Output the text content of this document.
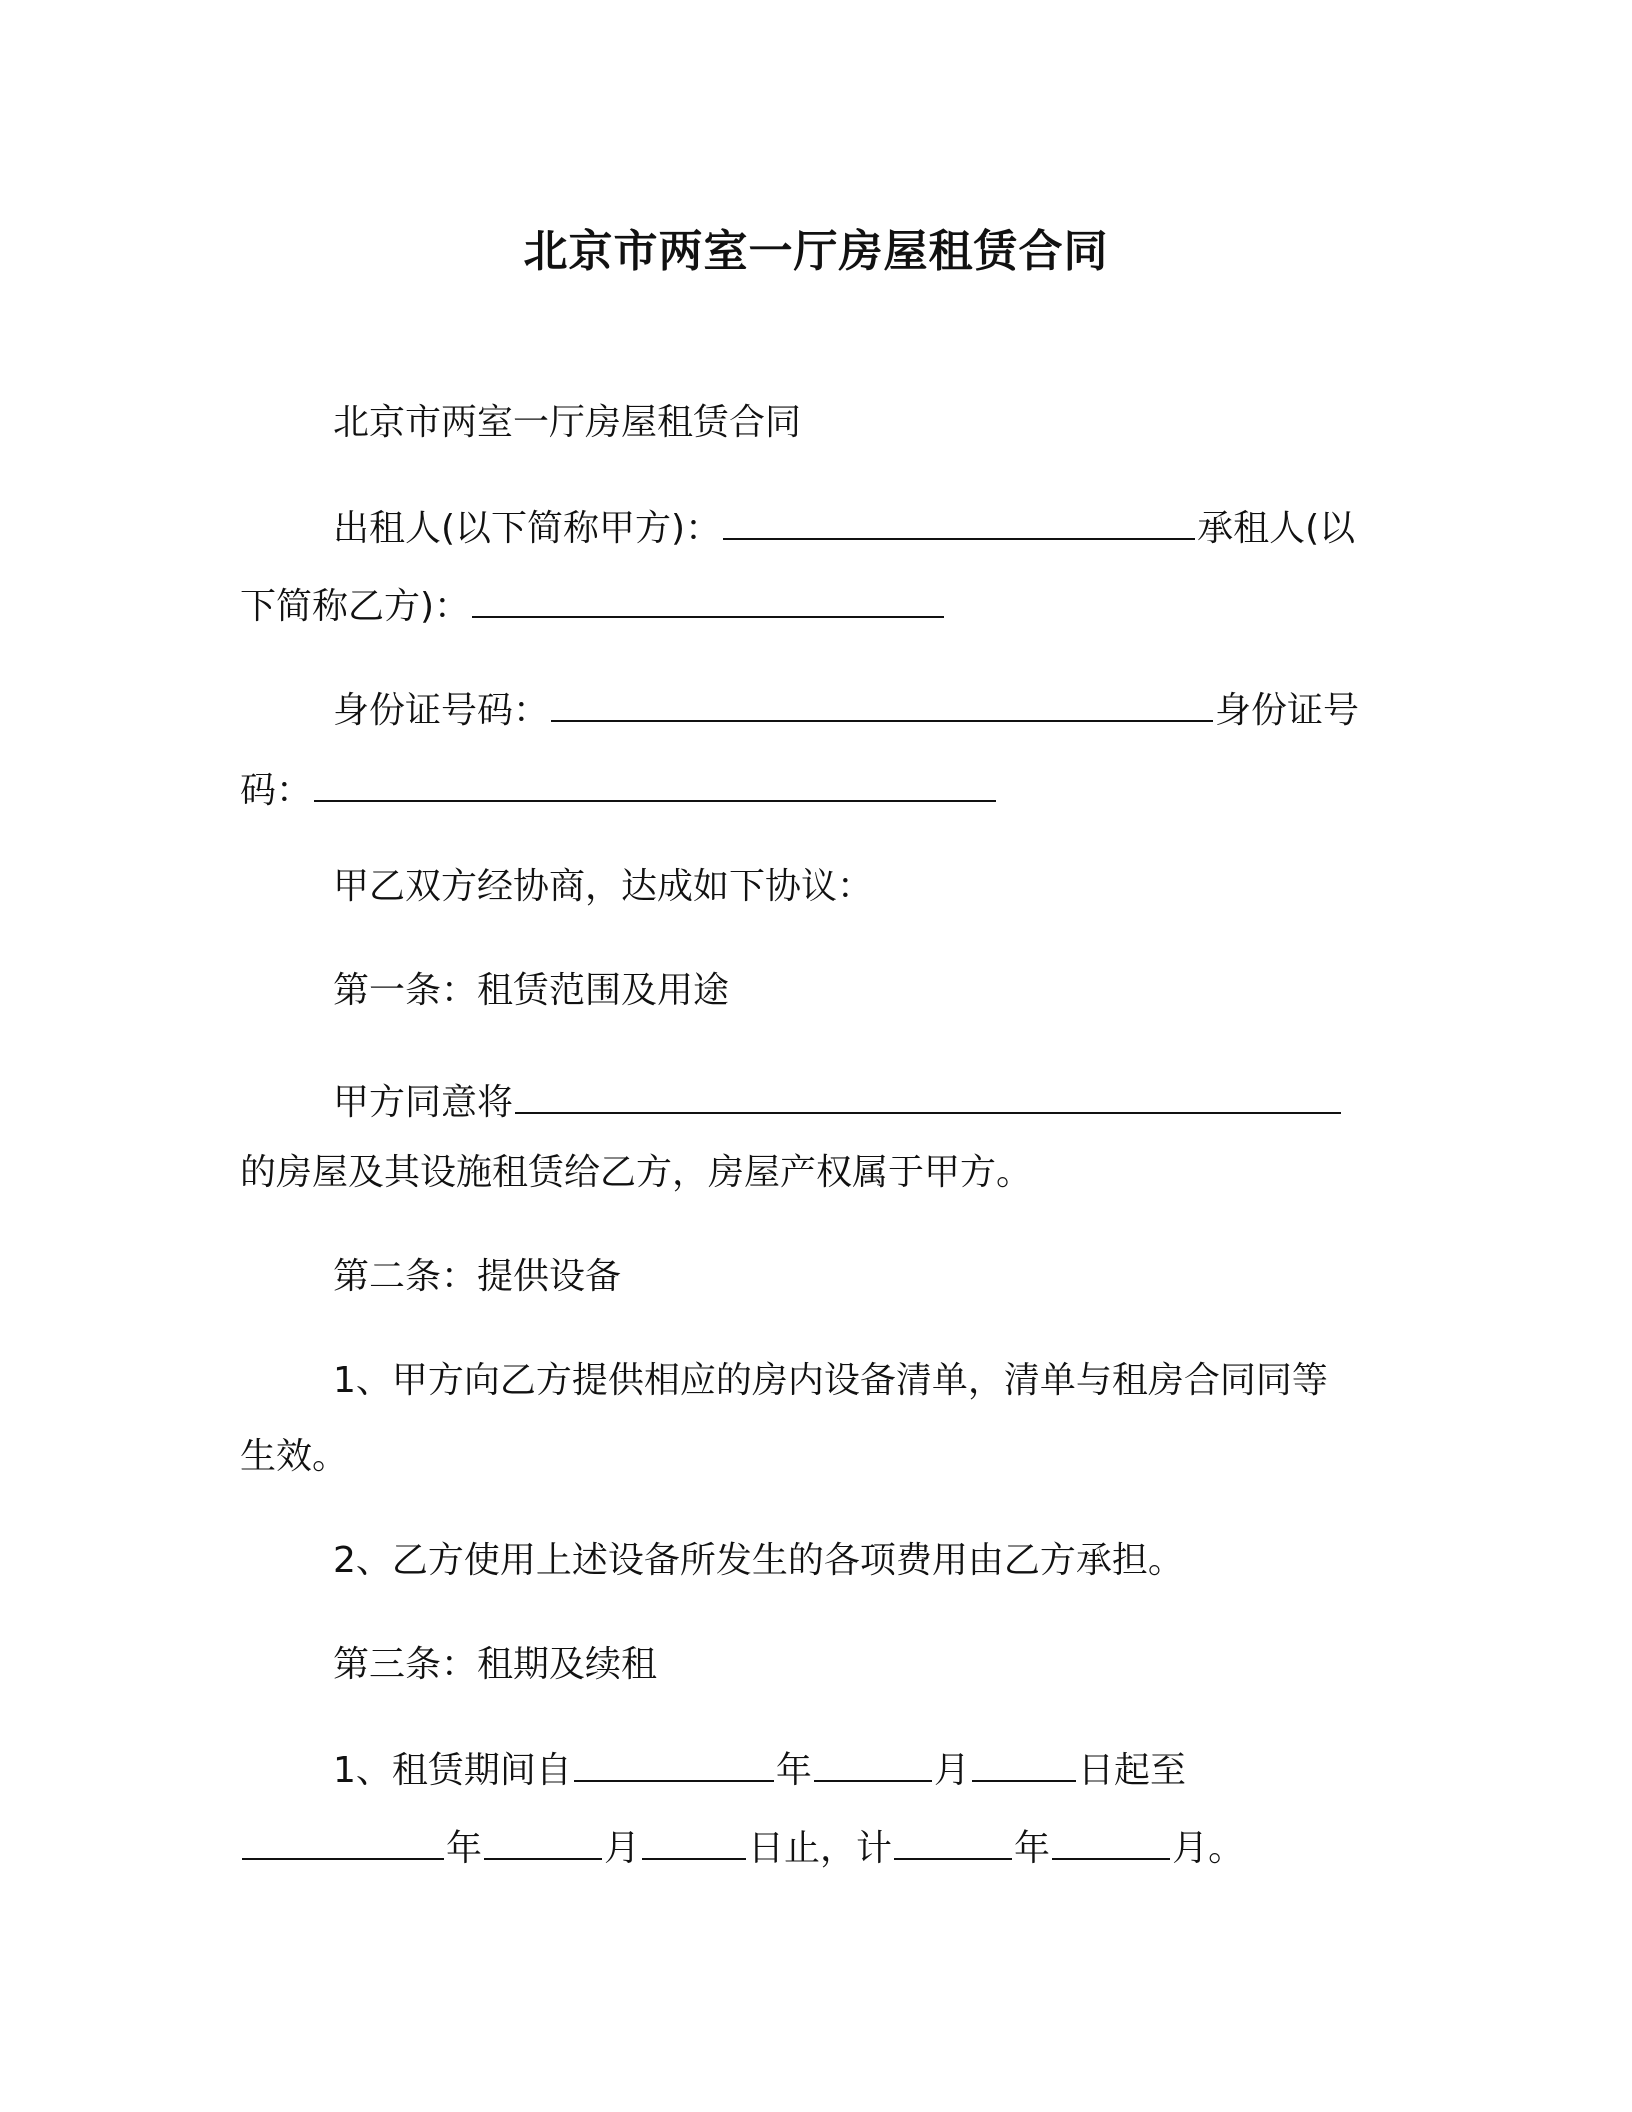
北京市两室一厅房屋租赁合同
北京市两室一厅房屋租赁合同
出租人(以下简称甲方)：	承租人(以
下简称乙方)：
身份证号码：	身份证号
码：
甲乙双方经协商，达成如下协议：
第一条：租赁范围及用途
甲方同意将
的房屋及其设施租赁给乙方，房屋产权属于甲方。
第二条：提供设备
1、甲方向乙方提供相应的房内设备清单，清单与租房合同同等
生效。
2、乙方使用上述设备所发生的各项费用由乙方承担。
第三条：租期及续租
1、租赁期间自	年	月	日起至
年	月	日止，计	年	月。
